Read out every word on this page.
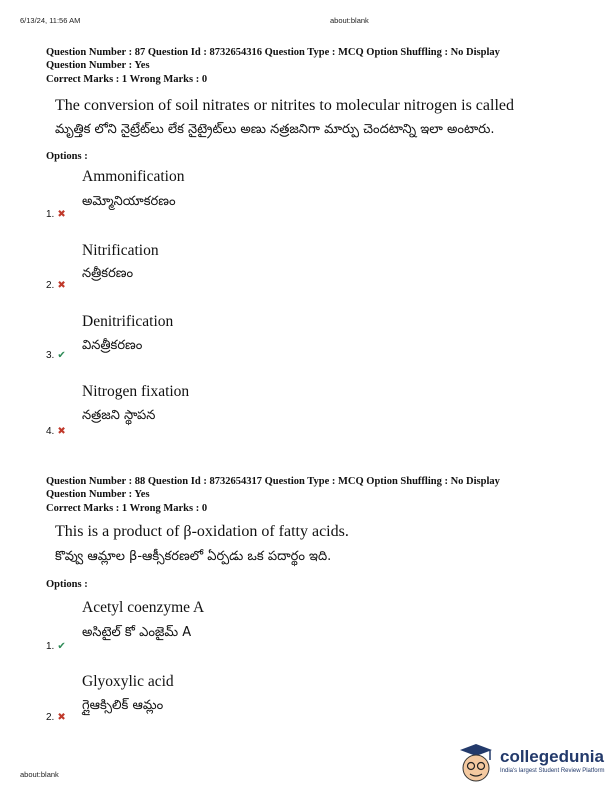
6/13/24, 11:56 AM	about:blank
about:blank
Question Number : 87 Question Id : 8732654316 Question Type : MCQ Option Shuffling : No Display
Question Number : Yes
Correct Marks : 1 Wrong Marks : 0
The conversion of soil nitrates or nitrites to molecular nitrogen is called
మృత్తిక లోని నైట్రేట్‌లు లేక నైట్రైట్‌లు అణు నత్రజనిగా మార్పు చెందటాన్ని ఇలా అంటారు.
Options :
Ammonification
అమ్మోనియాకరణం
1. ✖
Nitrification
నత్రీకరణం
2. ✖
Denitrification
వినత్రీకరణం
3. ✔
Nitrogen fixation
నత్రజని స్థాపన
4. ✖
Question Number : 88 Question Id : 8732654317 Question Type : MCQ Option Shuffling : No Display
Question Number : Yes
Correct Marks : 1 Wrong Marks : 0
This is a product of β-oxidation of fatty acids.
కొవ్వు ఆమ్లాల β-ఆక్సీకరణలో ఏర్పడు ఒక పదార్థం ఇది.
Options :
Acetyl coenzyme A
అసిటైల్ కో ఎంజైమ్ A
1. ✔
Glyoxylic acid
గ్లైఆక్సిలిక్ ఆమ్లం
2. ✖
collegedunia
India's largest Student Review Platform
